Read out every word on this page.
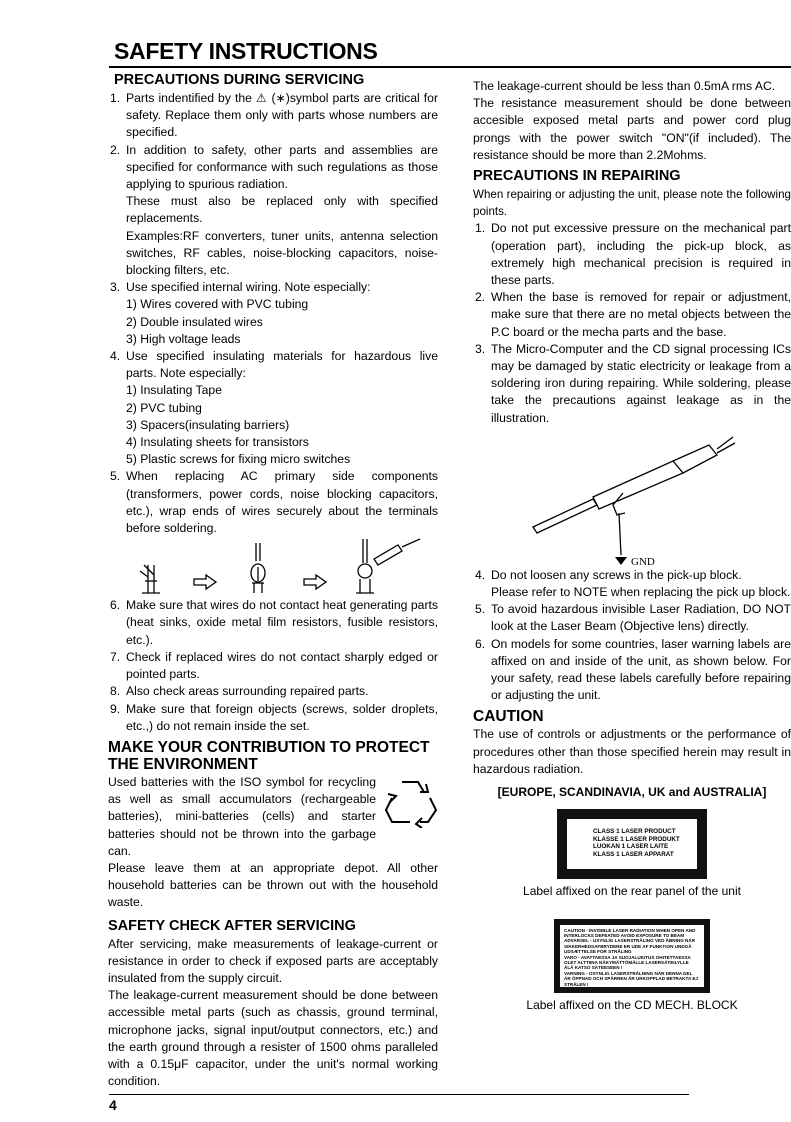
SAFETY INSTRUCTIONS
PRECAUTIONS DURING SERVICING
1. Parts indentified by the ⚠ (∗)symbol parts are critical for safety. Replace them only with parts whose numbers are specified.
2. In addition to safety, other parts and assemblies are specified for conformance with such regulations as those applying to spurious radiation.
These must also be replaced only with specified replacements.
Examples:RF converters, tuner units, antenna selection switches, RF cables, noise-blocking capacitors, noise-blocking filters, etc.
3. Use specified internal wiring. Note especially:
1) Wires covered with PVC tubing
2) Double insulated wires
3) High voltage leads
4. Use specified insulating materials for hazardous live parts. Note especially:
1) Insulating Tape
2) PVC tubing
3) Spacers(insulating barriers)
4) Insulating sheets for transistors
5) Plastic screws for fixing micro switches
5. When replacing AC primary side components (transformers, power cords, noise blocking capacitors, etc.), wrap ends of wires securely about the terminals before soldering.
6. Make sure that wires do not contact heat generating parts (heat sinks, oxide metal film resistors, fusible resistors, etc.).
7. Check if replaced wires do not contact sharply edged or pointed parts.
8. Also check areas surrounding repaired parts.
9. Make sure that foreign objects (screws, solder droplets, etc.,) do not remain inside the set.
MAKE YOUR CONTRIBUTION TO PROTECT THE ENVIRONMENT

Used batteries with the ISO symbol for recycling as well as small accumulators (rechargeable batteries), mini-batteries (cells) and starter batteries should not be thrown into the garbage can.

Please leave them at an appropriate depot. All other household batteries can be thrown out with the household waste.

SAFETY CHECK AFTER SERVICING

After servicing, make measurements of leakage-current or resistance in order to check if exposed parts are acceptably insulated from the supply circuit.

The leakage-current measurement should be done between accessible metal parts (such as chassis, ground terminal, microphone jacks, signal input/output connectors, etc.) and the earth ground through a resister of 1500 ohms paralleled with a 0.15μF capacitor, under the unit's normal working condition.

The leakage-current should be less than 0.5mA rms AC.

The resistance measurement should be done between accesible exposed metal parts and power cord plug prongs with the power switch "ON"(if included). The resistance should be more than 2.2Mohms.

PRECAUTIONS IN REPAIRING

When repairing or adjusting the unit, please note the following points.

1. Do not put excessive pressure on the mechanical part (operation part), including the pick-up block, as extremely high mechanical precision is required in these parts.
2. When the base is removed for repair or adjustment, make sure that there are no metal objects between the P.C board or the mecha parts and the base.
3. The Micro-Computer and the CD signal processing ICs may be damaged by static electricity or leakage from a soldering iron during repairing. While soldering, please take the precautions against leakage as in the illustration.
GND
4. Do not loosen any screws in the pick-up block.
Please refer to NOTE when replacing the pick up block.
5. To avoid hazardous invisible Laser Radiation, DO NOT look at the Laser Beam (Objective lens) directly.
6. On models for some countries, laser warning labels are affixed on and inside of the unit, as shown below. For your safety, read these labels carefully before repairing or adjusting the unit.
CAUTION

The use of controls or adjustments or the performance of procedures other than those specified herein may result in hazardous radiation.

[EUROPE, SCANDINAVIA, UK and AUSTRALIA]
CLASS 1 LASER PRODUCT
KLASSE 1 LASER PRODUKT
LUOKAN 1 LASER LAITE
KLASS 1 LASER APPARAT
Label affixed on the rear panel of the unit
CAUTION - INVISIBLE LASER RADIATION WHEN OPEN AND INTERLOCKS DEFEATED AVOID EXPOSURE TO BEAM
ADVARSEL - USYNLIG LASERSTRÅLING VED ÅBNING NÅR SIKKERHEDSAFBRYDERE ER UDE AF FUNKTION UNDGÅ UDSÆTTELSE FOR STRÅLING
VARO - AVATTAESSA JA SUOJALUKITUS OHITETTAESSA OLET ALTTIINA NÄKYMÄTTÖMÄLLE LASERSÄTEILYLLE
ÄLÄ KATSO SÄTEESEEN !
VARNING - OSYNLIG LASERSTRÅLNING NÄR DENNA DEL ÄR ÖPPNAD OCH SPÄRREN ÄR URKOPPLAD BETRAKTA EJ STRÅLEN !
Label affixed on the CD MECH. BLOCK
4
